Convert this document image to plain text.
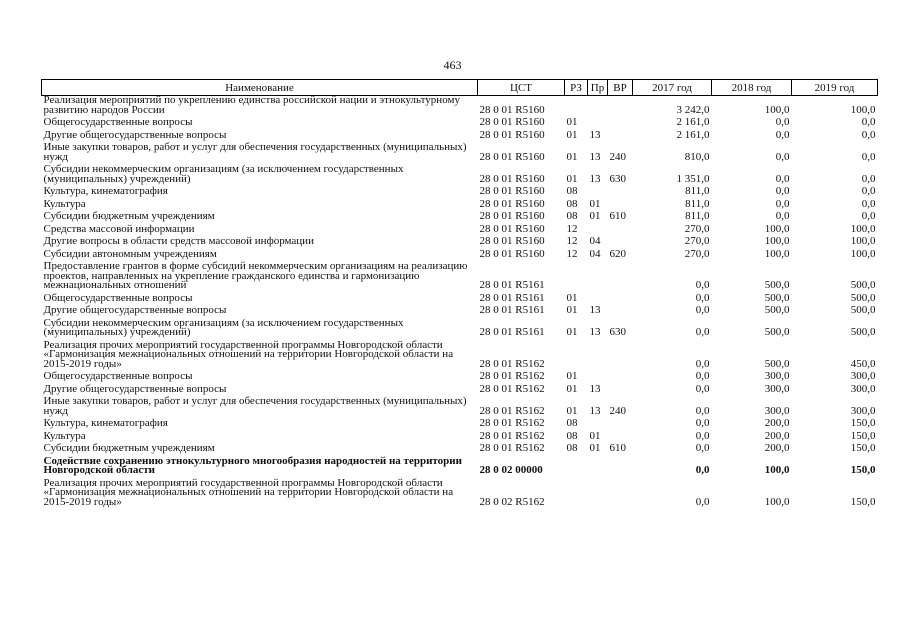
463
Наименование	ЦСТ	РЗ	Пр	ВР	2017 год	2018 год	2019 год
Реализация мероприятий по укреплению единства российской нации и этнокультурному развитию народов России	28 0 01 R5160				3 242,0	100,0	100,0
Общегосударственные вопросы	28 0 01 R5160	01			2 161,0	0,0	0,0
Другие общегосударственные вопросы	28 0 01 R5160	01	13		2 161,0	0,0	0,0
Иные закупки товаров, работ и услуг для обеспечения государственных (муниципальных) нужд	28 0 01 R5160	01	13	240	810,0	0,0	0,0
Субсидии некоммерческим организациям (за исключением государственных (муниципальных) учреждений)	28 0 01 R5160	01	13	630	1 351,0	0,0	0,0
Культура, кинематография	28 0 01 R5160	08			811,0	0,0	0,0
Культура	28 0 01 R5160	08	01		811,0	0,0	0,0
Субсидии бюджетным учреждениям	28 0 01 R5160	08	01	610	811,0	0,0	0,0
Средства массовой информации	28 0 01 R5160	12			270,0	100,0	100,0
Другие вопросы в области средств массовой информации	28 0 01 R5160	12	04		270,0	100,0	100,0
Субсидии автономным учреждениям	28 0 01 R5160	12	04	620	270,0	100,0	100,0
Предоставление грантов в форме субсидий некоммерческим организациям на реализацию проектов, направленных на укрепление гражданского единства и гармонизацию межнациональных отношений	28 0 01 R5161				0,0	500,0	500,0
Общегосударственные вопросы	28 0 01 R5161	01			0,0	500,0	500,0
Другие общегосударственные вопросы	28 0 01 R5161	01	13		0,0	500,0	500,0
Субсидии некоммерческим организациям (за исключением государственных (муниципальных) учреждений)	28 0 01 R5161	01	13	630	0,0	500,0	500,0
Реализация прочих мероприятий государственной программы Новгородской области «Гармонизация межнациональных отношений на территории Новгородской области на 2015-2019 годы»	28 0 01 R5162				0,0	500,0	450,0
Общегосударственные вопросы	28 0 01 R5162	01			0,0	300,0	300,0
Другие общегосударственные вопросы	28 0 01 R5162	01	13		0,0	300,0	300,0
Иные закупки товаров, работ и услуг для обеспечения государственных (муниципальных) нужд	28 0 01 R5162	01	13	240	0,0	300,0	300,0
Культура, кинематография	28 0 01 R5162	08			0,0	200,0	150,0
Культура	28 0 01 R5162	08	01		0,0	200,0	150,0
Субсидии бюджетным учреждениям	28 0 01 R5162	08	01	610	0,0	200,0	150,0
Содействие сохранению этнокультурного многообразия народностей на территории Новгородской области	28 0 02 00000				0,0	100,0	150,0
Реализация прочих мероприятий государственной программы Новгородской области «Гармонизация межнациональных отношений на территории Новгородской области на 2015-2019 годы»	28 0 02 R5162				0,0	100,0	150,0
